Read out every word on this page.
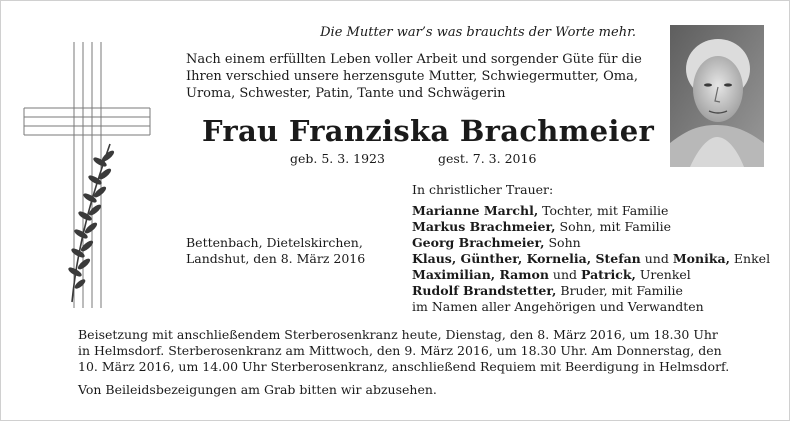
Die Mutter war’s was brauchts der Worte mehr.
Nach einem erfüllten Leben voller Arbeit und sorgender Güte für die
Ihren verschied unsere herzensgute Mutter, Schwiegermutter, Oma,
Uroma, Schwester, Patin, Tante und Schwägerin
Frau Franziska Brachmeier
geb. 5. 3. 1923	gest. 7. 3. 2016
In christlicher Trauer:
Bettenbach, Dietelskirchen,
Landshut, den 8. März 2016
Marianne Marchl, Tochter, mit Familie
Markus Brachmeier, Sohn, mit Familie
Georg Brachmeier, Sohn
Klaus, Günther, Kornelia, Stefan und Monika, Enkel
Maximilian, Ramon und Patrick, Urenkel
Rudolf Brandstetter, Bruder, mit Familie
im Namen aller Angehörigen und Verwandten
Beisetzung mit anschließendem Sterberosenkranz heute, Dienstag, den 8. März 2016, um 18.30 Uhr
in Helmsdorf. Sterberosenkranz am Mittwoch, den 9. März 2016, um 18.30 Uhr. Am Donnerstag, den
10. März 2016, um 14.00 Uhr Sterberosenkranz, anschließend Requiem mit Beerdigung in Helmsdorf.
Von Beileidsbezeigungen am Grab bitten wir abzusehen.
